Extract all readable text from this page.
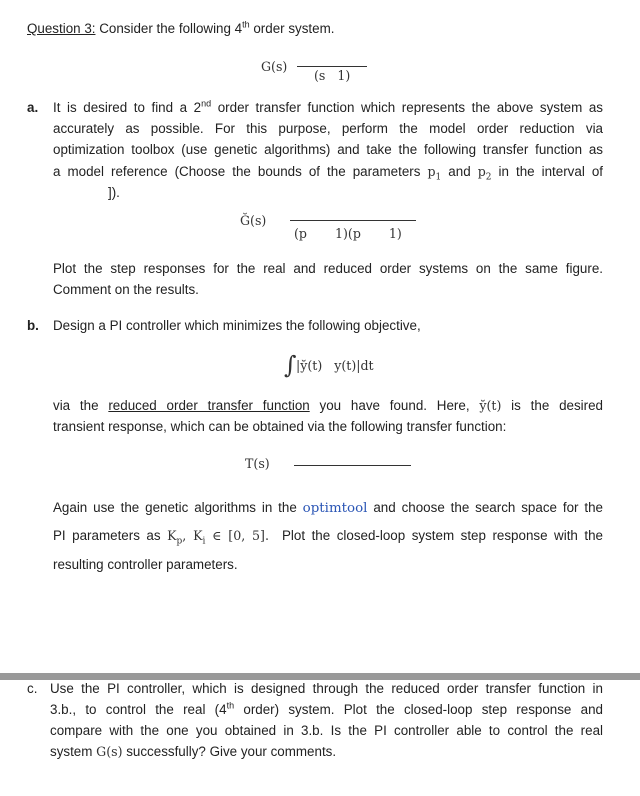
Question 3: Consider the following 4th order system.
G(s)
(s   1)
a. It is desired to find a 2nd order transfer function which represents the above system as
accurately as possible. For this purpose, perform the model order reduction via
optimization toolbox (use genetic algorithms) and take the following transfer function as
a model reference (Choose the bounds of the parameters $p_1$ and $p_2$ in the interval of
]).
Ğ(s)
(p       1)(p       1)
Plot the step responses for the real and reduced order systems on the same figure.
Comment on the results.
b. Design a PI controller which minimizes the following objective,
∫ |y̆(t)   y(t)|dt
via the reduced order transfer function you have found. Here, y̆(t) is the desired
transient response, which can be obtained via the following transfer function:
T(s)
Again use the genetic algorithms in the optimtool and choose the search space for the
PI parameters as $K_p$, $K_i$ ∈ [0, 5].  Plot the closed-loop system step response with the
resulting controller parameters.
c. Use the PI controller, which is designed through the reduced order transfer function in
3.b., to control the real (4th order) system. Plot the closed-loop step response and
compare with the one you obtained in 3.b. Is the PI controller able to control the real
system G(s) successfully? Give your comments.
